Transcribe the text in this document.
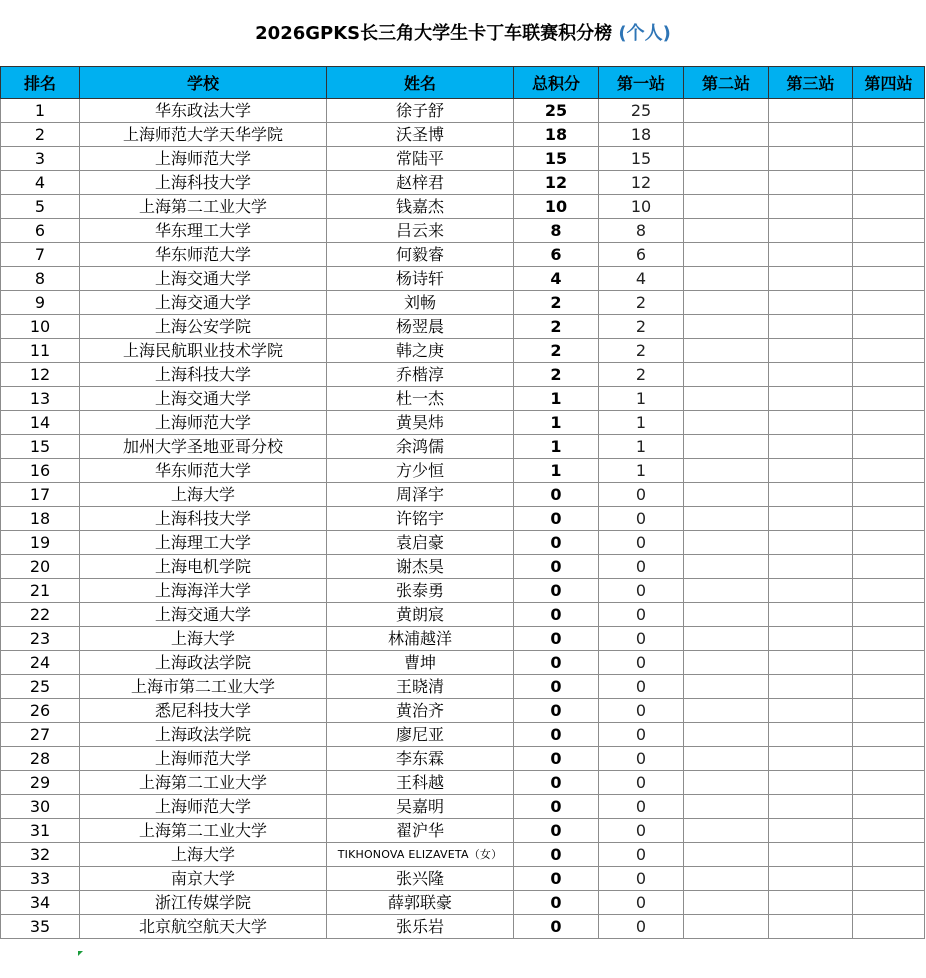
2026GPKS长三角大学生卡丁车联赛积分榜 (个人)
排名	学校	姓名	总积分	第一站	第二站	第三站	第四站
1	华东政法大学	徐子舒	25	25			
2	上海师范大学天华学院	沃圣博	18	18			
3	上海师范大学	常陆平	15	15			
4	上海科技大学	赵梓君	12	12			
5	上海第二工业大学	钱嘉杰	10	10			
6	华东理工大学	吕云来	8	8			
7	华东师范大学	何毅睿	6	6			
8	上海交通大学	杨诗轩	4	4			
9	上海交通大学	刘畅	2	2			
10	上海公安学院	杨翌晨	2	2			
11	上海民航职业技术学院	韩之庚	2	2			
12	上海科技大学	乔楷淳	2	2			
13	上海交通大学	杜一杰	1	1			
14	上海师范大学	黄昊炜	1	1			
15	加州大学圣地亚哥分校	余鸿儒	1	1			
16	华东师范大学	方少恒	1	1			
17	上海大学	周泽宇	0	0			
18	上海科技大学	许铭宇	0	0			
19	上海理工大学	袁启豪	0	0			
20	上海电机学院	谢杰昊	0	0			
21	上海海洋大学	张泰勇	0	0			
22	上海交通大学	黄朗宸	0	0			
23	上海大学	林浦越洋	0	0			
24	上海政法学院	曹坤	0	0			
25	上海市第二工业大学	王晓清	0	0			
26	悉尼科技大学	黄治齐	0	0			
27	上海政法学院	廖尼亚	0	0			
28	上海师范大学	李东霖	0	0			
29	上海第二工业大学	王科越	0	0			
30	上海师范大学	吴嘉明	0	0			
31	上海第二工业大学	翟沪华	0	0			
32	上海大学	TIKHONOVA ELIZAVETA（女）	0	0			
33	南京大学	张兴隆	0	0			
34	浙江传媒学院	薛郭联豪	0	0			
35	北京航空航天大学	张乐岩	0	0			
